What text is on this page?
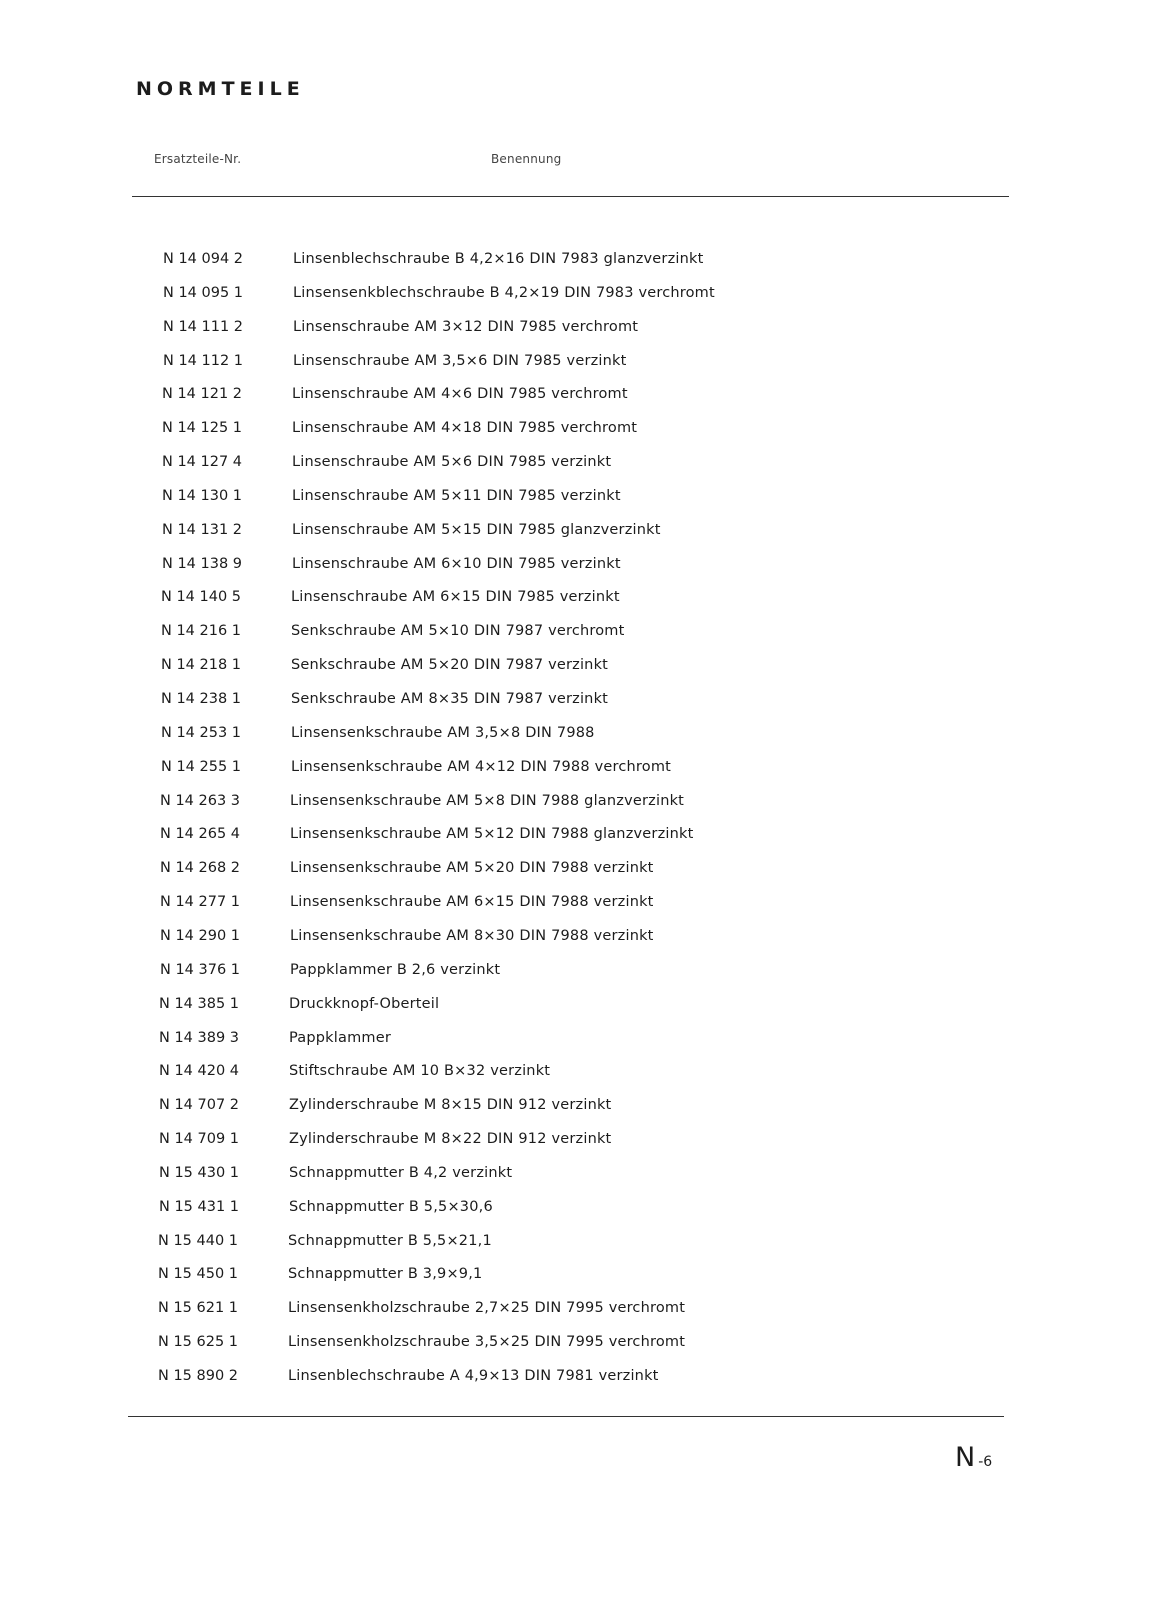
NORMTEILE
Ersatzteile-Nr.	Benennung
N 14 094 2	Linsenblechschraube B 4,2×16 DIN 7983 glanzverzinkt
N 14 095 1	Linsensenkblechschraube B 4,2×19 DIN 7983 verchromt
N 14 111 2	Linsenschraube AM 3×12 DIN 7985 verchromt
N 14 112 1	Linsenschraube AM 3,5×6 DIN 7985 verzinkt
N 14 121 2	Linsenschraube AM 4×6 DIN 7985 verchromt
N 14 125 1	Linsenschraube AM 4×18 DIN 7985 verchromt
N 14 127 4	Linsenschraube AM 5×6 DIN 7985 verzinkt
N 14 130 1	Linsenschraube AM 5×11 DIN 7985 verzinkt
N 14 131 2	Linsenschraube AM 5×15 DIN 7985 glanzverzinkt
N 14 138 9	Linsenschraube AM 6×10 DIN 7985 verzinkt
N 14 140 5	Linsenschraube AM 6×15 DIN 7985 verzinkt
N 14 216 1	Senkschraube AM 5×10 DIN 7987 verchromt
N 14 218 1	Senkschraube AM 5×20 DIN 7987 verzinkt
N 14 238 1	Senkschraube AM 8×35 DIN 7987 verzinkt
N 14 253 1	Linsensenkschraube AM 3,5×8 DIN 7988
N 14 255 1	Linsensenkschraube AM 4×12 DIN 7988 verchromt
N 14 263 3	Linsensenkschraube AM 5×8 DIN 7988 glanzverzinkt
N 14 265 4	Linsensenkschraube AM 5×12 DIN 7988 glanzverzinkt
N 14 268 2	Linsensenkschraube AM 5×20 DIN 7988 verzinkt
N 14 277 1	Linsensenkschraube AM 6×15 DIN 7988 verzinkt
N 14 290 1	Linsensenkschraube AM 8×30 DIN 7988 verzinkt
N 14 376 1	Pappklammer B 2,6 verzinkt
N 14 385 1	Druckknopf-Oberteil
N 14 389 3	Pappklammer
N 14 420 4	Stiftschraube AM 10 B×32 verzinkt
N 14 707 2	Zylinderschraube M 8×15 DIN 912 verzinkt
N 14 709 1	Zylinderschraube M 8×22 DIN 912 verzinkt
N 15 430 1	Schnappmutter B 4,2 verzinkt
N 15 431 1	Schnappmutter B 5,5×30,6
N 15 440 1	Schnappmutter B 5,5×21,1
N 15 450 1	Schnappmutter B 3,9×9,1
N 15 621 1	Linsensenkholzschraube 2,7×25 DIN 7995 verchromt
N 15 625 1	Linsensenkholzschraube 3,5×25 DIN 7995 verchromt
N 15 890 2	Linsenblechschraube A 4,9×13 DIN 7981 verzinkt
N -6
